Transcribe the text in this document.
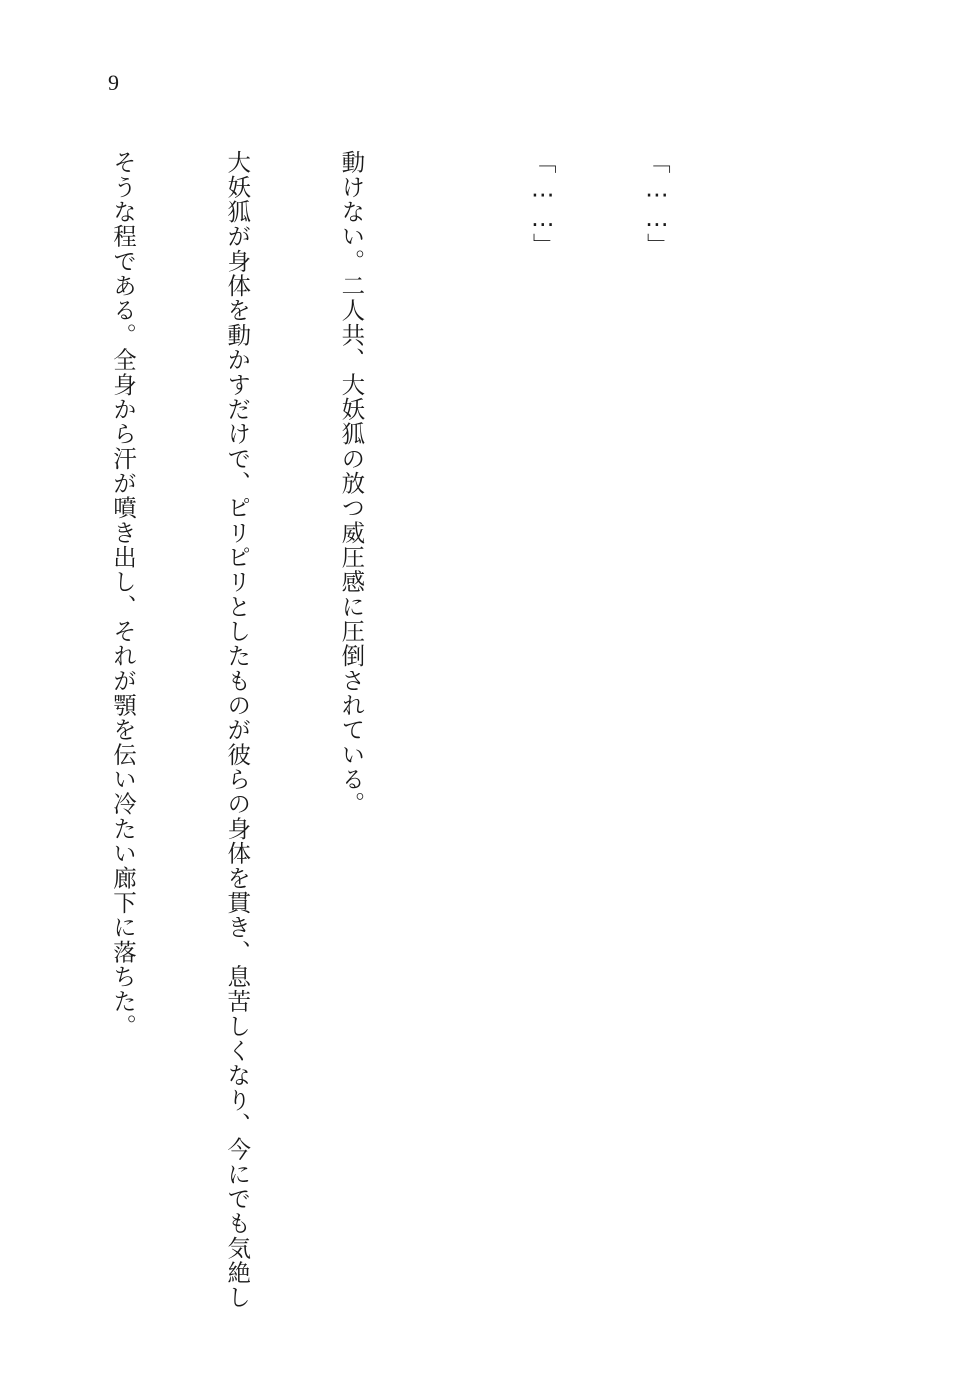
9

「……」

「……」

動けない。二人共、大妖狐の放つ威圧感に圧倒されている。

大妖狐が身体を動かすだけで、ピリピリとしたものが彼らの身体を貫き、息苦しくなり、今にでも気絶し

そうな程である。全身から汗が噴き出し、それが顎を伝い冷たい廊下に落ちた。
